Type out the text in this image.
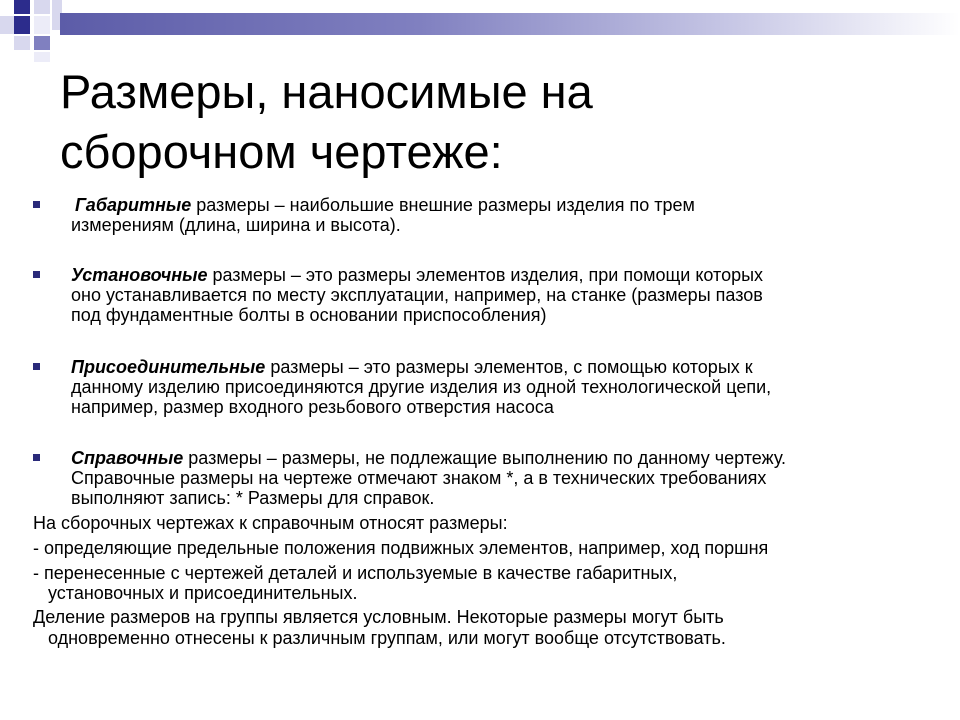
Размеры, наносимые на
сборочном чертеже:
Габаритные размеры – наибольшие внешние размеры изделия по трем
измерениям (длина, ширина и высота).
Установочные размеры – это размеры элементов изделия, при помощи которых
оно устанавливается по месту эксплуатации, например, на станке (размеры пазов
под фундаментные болты в основании приспособления)
Присоединительные размеры – это размеры элементов, с помощью которых к
данному изделию присоединяются другие изделия из одной технологической цепи,
например, размер входного резьбового отверстия насоса
Справочные размеры – размеры, не подлежащие выполнению по данному чертежу.
Справочные размеры на чертеже отмечают знаком *, а в технических требованиях
выполняют запись: * Размеры для справок.
На сборочных чертежах к справочным относят размеры:
- определяющие предельные положения подвижных элементов, например, ход поршня
- перенесенные с чертежей деталей и используемые в качестве габаритных,
установочных и присоединительных.
Деление размеров на группы является условным. Некоторые размеры могут быть
одновременно отнесены к различным группам, или могут вообще отсутствовать.
